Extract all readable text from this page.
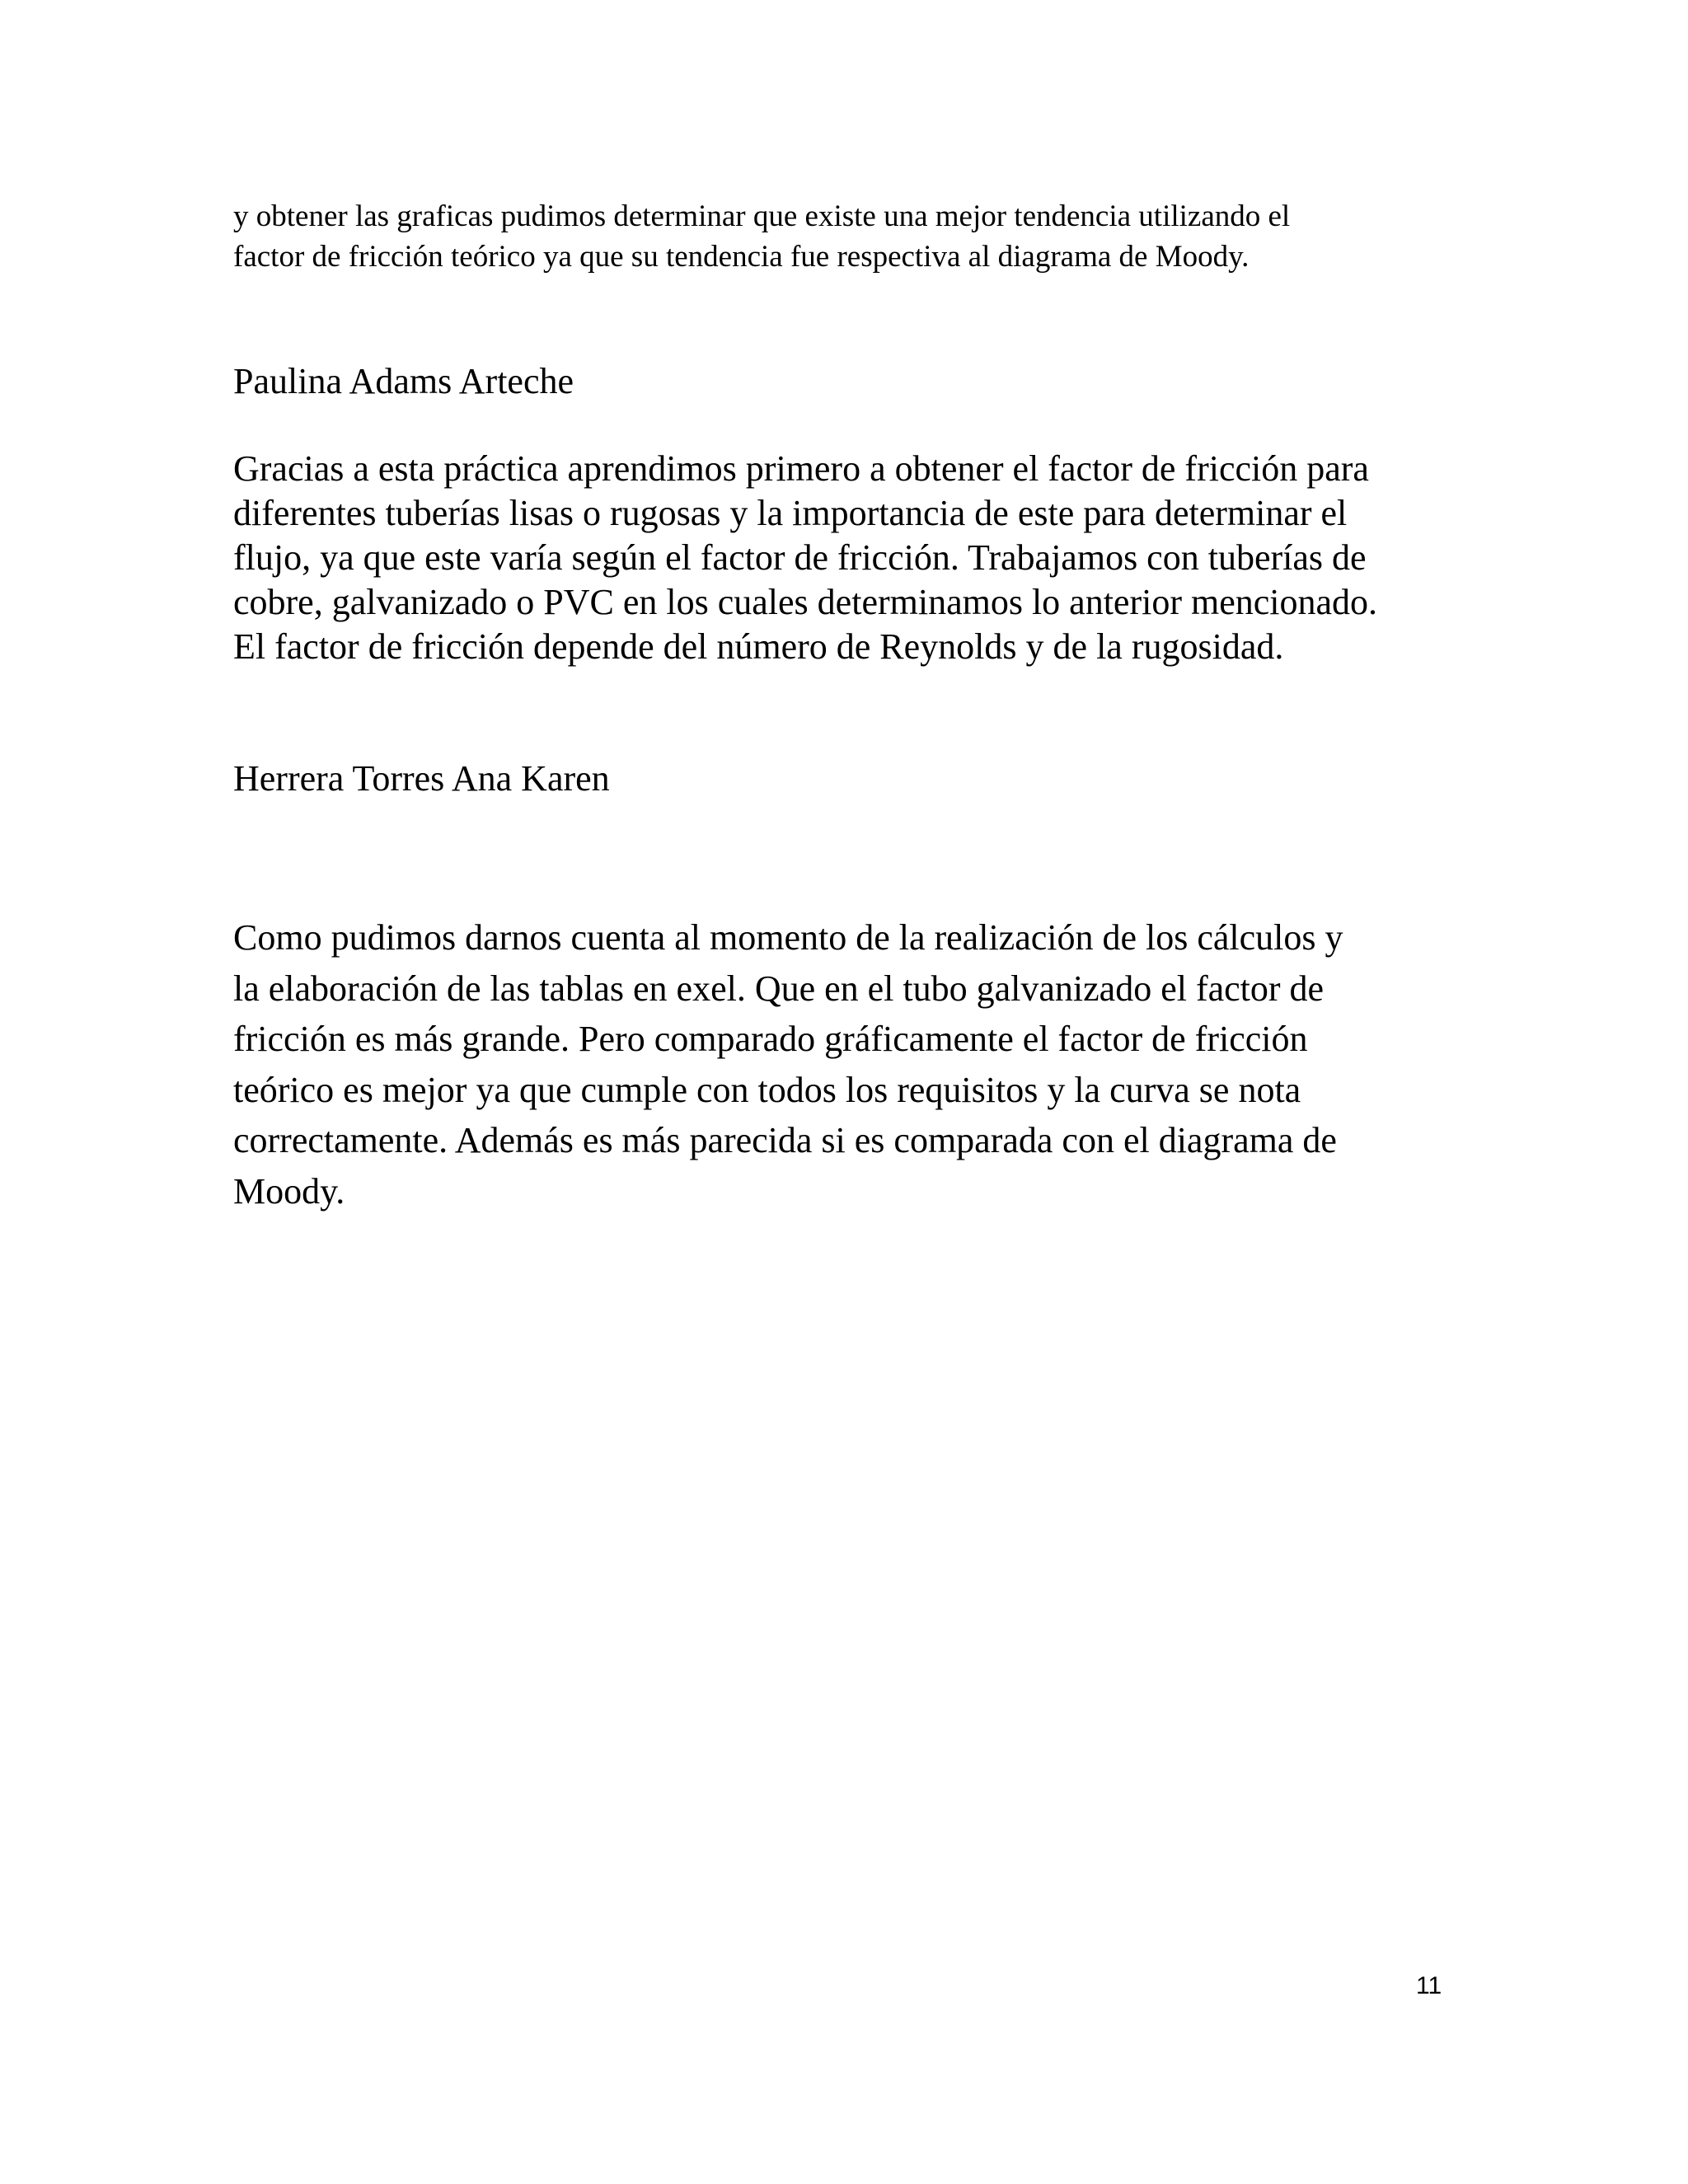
y obtener las graficas pudimos determinar que existe una mejor tendencia utilizando el
factor de fricción teórico ya que su tendencia fue respectiva al diagrama de Moody.

Paulina Adams Arteche

Gracias a esta práctica aprendimos primero a obtener el factor de fricción para
diferentes tuberías lisas o rugosas y la importancia de este para determinar el
flujo, ya que este varía según el factor de fricción. Trabajamos con tuberías de
cobre, galvanizado o PVC en los cuales determinamos lo anterior mencionado.
El factor de fricción depende del número de Reynolds y de la rugosidad.

Herrera Torres Ana Karen

Como pudimos darnos cuenta al momento de la realización de los cálculos y
la elaboración de las tablas en exel. Que en el tubo galvanizado el factor de
fricción es más grande. Pero comparado gráficamente el factor de fricción
teórico es mejor ya que cumple con todos los requisitos y la curva se nota
correctamente. Además es más parecida si es comparada con el diagrama de
Moody.

11
